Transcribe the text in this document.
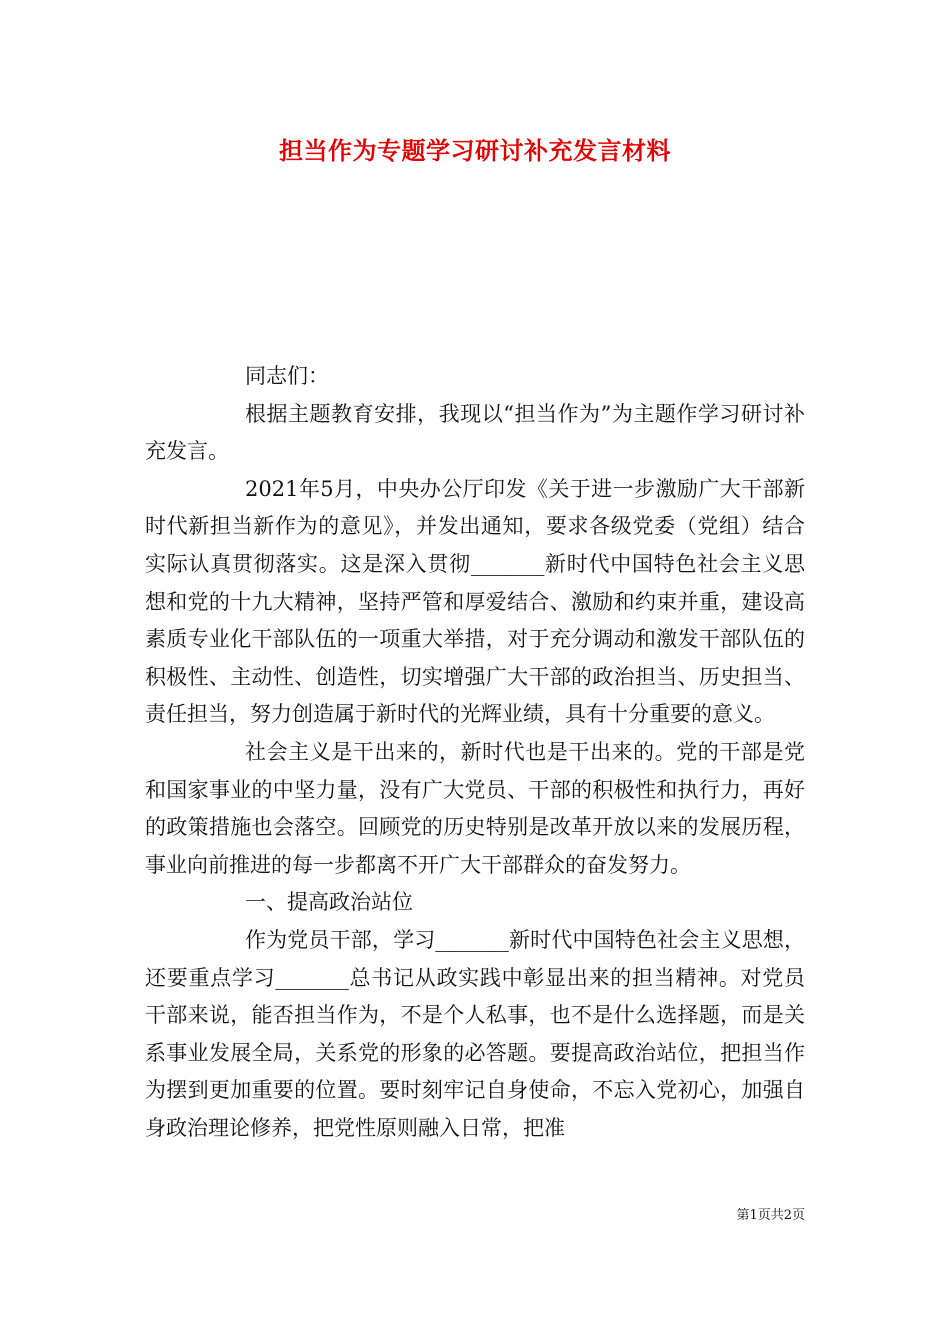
担当作为专题学习研讨补充发言材料

同志们：

根据主题教育安排，我现以“担当作为”为主题作学习研讨补充发言。

2021年5月，中央办公厅印发《关于进一步激励广大干部新时代新担当新作为的意见》，并发出通知，要求各级党委（党组）结合实际认真贯彻落实。这是深入贯彻_______新时代中国特色社会主义思想和党的十九大精神，坚持严管和厚爱结合、激励和约束并重，建设高素质专业化干部队伍的一项重大举措，对于充分调动和激发干部队伍的积极性、主动性、创造性，切实增强广大干部的政治担当、历史担当、责任担当，努力创造属于新时代的光辉业绩，具有十分重要的意义。

社会主义是干出来的，新时代也是干出来的。党的干部是党和国家事业的中坚力量，没有广大党员、干部的积极性和执行力，再好的政策措施也会落空。回顾党的历史特别是改革开放以来的发展历程，事业向前推进的每一步都离不开广大干部群众的奋发努力。

一、提高政治站位

作为党员干部，学习_______新时代中国特色社会主义思想，还要重点学习_______总书记从政实践中彰显出来的担当精神。对党员干部来说，能否担当作为，不是个人私事，也不是什么选择题，而是关系事业发展全局，关系党的形象的必答题。要提高政治站位，把担当作为摆到更加重要的位置。要时刻牢记自身使命，不忘入党初心，加强自身政治理论修养，把党性原则融入日常，把准

第1页共2页
